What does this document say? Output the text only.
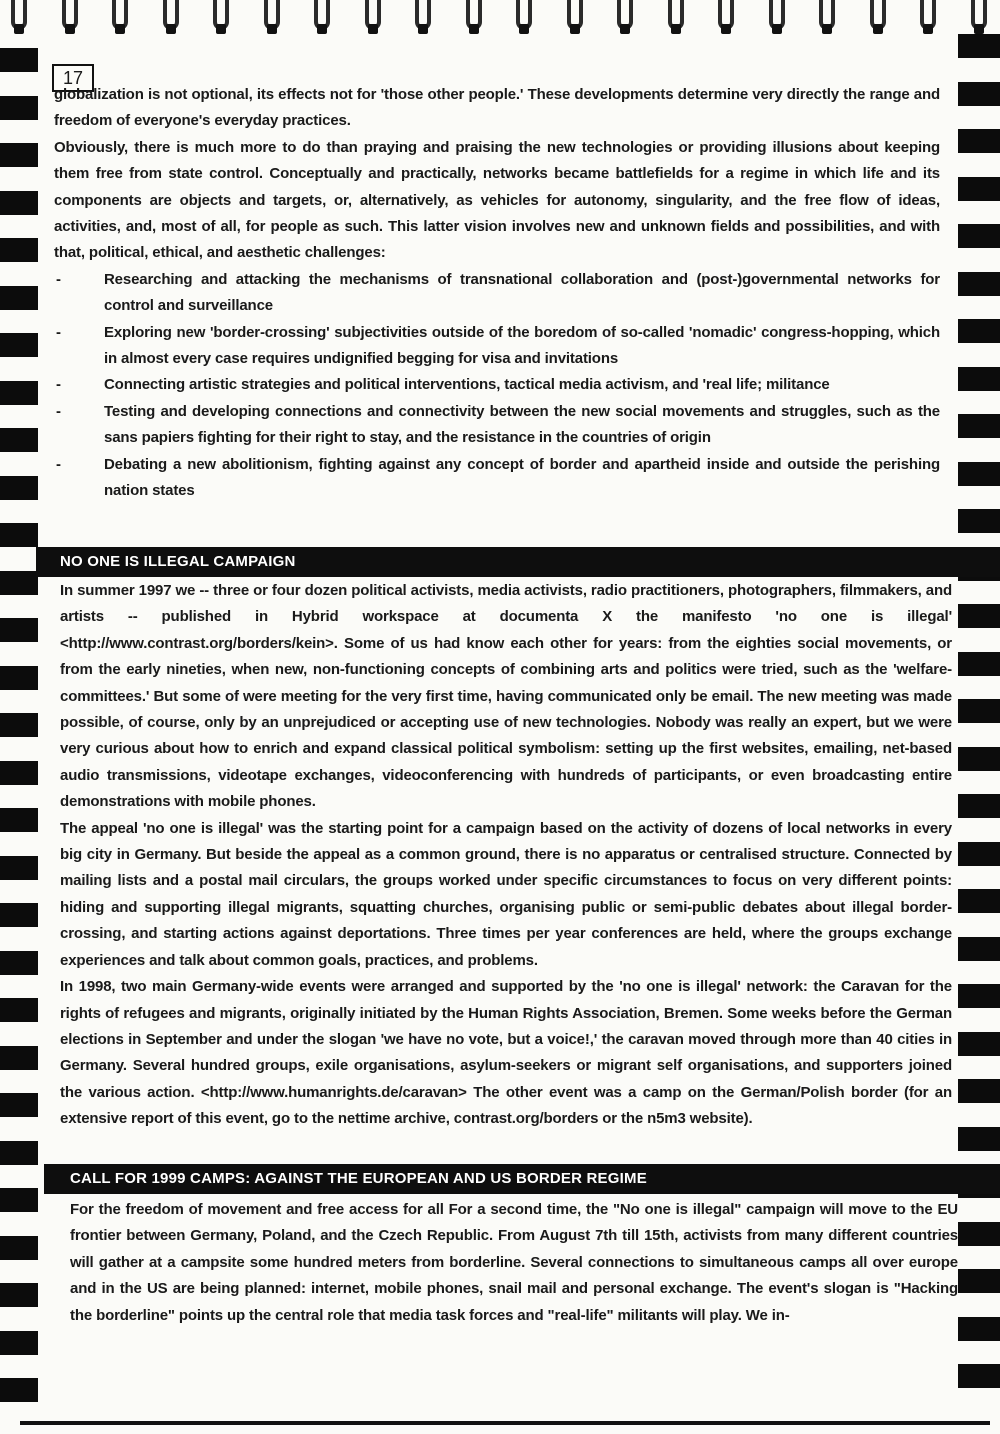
17

globalization is not optional, its effects not for 'those other people.' These developments determine very directly the range and freedom of everyone's everyday practices.

Obviously, there is much more to do than praying and praising the new technologies or providing illusions about keeping them free from state control. Conceptually and practically, networks became battlefields for a regime in which life and its components are objects and targets, or, alternatively, as vehicles for autonomy, singularity, and the free flow of ideas, activities, and, most of all, for people as such. This latter vision involves new and unknown fields and possibilities, and with that, political, ethical, and aesthetic challenges:

-	Researching and attacking the mechanisms of transnational collaboration and (post-)governmental networks for control and surveillance
-	Exploring new 'border-crossing' subjectivities outside of the boredom of so-called 'nomadic' congress-hopping, which in almost every case requires undignified begging for visa and invitations
-	Connecting artistic strategies and political interventions, tactical media activism, and 'real life; militance
-	Testing and developing connections and connectivity between the new social movements and struggles, such as the sans papiers fighting for their right to stay, and the resistance in the countries of origin
-	Debating a new abolitionism, fighting against any concept of border and apartheid inside and outside the perishing nation states
NO ONE IS ILLEGAL CAMPAIGN

In summer 1997 we -- three or four dozen political activists, media activists, radio practitioners, photographers, filmmakers, and artists -- published in Hybrid workspace at documenta X the manifesto 'no one is illegal' <http://www.contrast.org/borders/kein>. Some of us had know each other for years: from the eighties social movements, or from the early nineties, when new, non-functioning concepts of combining arts and politics were tried, such as the 'welfare- committees.' But some of were meeting for the very first time, having communicated only be email. The new meeting was made possible, of course, only by an unprejudiced or accepting use of new technologies. Nobody was really an expert, but we were very curious about how to enrich and expand classical political symbolism: setting up the first websites, emailing, net-based audio transmissions, videotape exchanges, videoconferencing with hundreds of participants, or even broadcasting entire demonstrations with mobile phones.

The appeal 'no one is illegal' was the starting point for a campaign based on the activity of dozens of local networks in every big city in Germany. But beside the appeal as a common ground, there is no apparatus or centralised structure. Connected by mailing lists and a postal mail circulars, the groups worked under specific circumstances to focus on very different points: hiding and supporting illegal migrants, squatting churches, organising public or semi-public debates about illegal border-crossing, and starting actions against deportations. Three times per year conferences are held, where the groups exchange experiences and talk about common goals, practices, and problems.

In 1998, two main Germany-wide events were arranged and supported by the 'no one is illegal' network: the Caravan for the rights of refugees and migrants, originally initiated by the Human Rights Association, Bremen. Some weeks before the German elections in September and under the slogan 'we have no vote, but a voice!,' the caravan moved through more than 40 cities in Germany. Several hundred groups, exile organisations, asylum-seekers or migrant self organisations, and supporters joined the various action. <http://www.humanrights.de/caravan> The other event was a camp on the German/Polish border (for an extensive report of this event, go to the nettime archive, contrast.org/borders or the n5m3 website).

CALL FOR 1999 CAMPS: AGAINST THE EUROPEAN AND US BORDER REGIME

For the freedom of movement and free access for all For a second time, the "No one is illegal" campaign will move to the EU frontier between Germany, Poland, and the Czech Republic. From August 7th till 15th, activists from many different countries will gather at a campsite some hundred meters from borderline. Several connections to simultaneous camps all over europe and in the US are being planned: internet, mobile phones, snail mail and personal exchange. The event's slogan is "Hacking the borderline" points up the central role that media task forces and "real-life" militants will play. We in-
